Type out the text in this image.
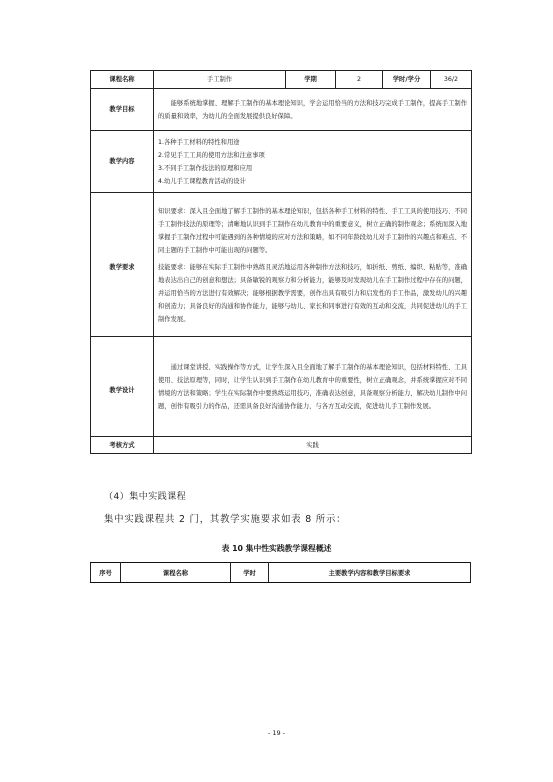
课程名称	手工制作	学期	2	学时/学分	36/2
教学目标	能够系统地掌握、理解手工制作的基本理论知识，学会运用恰当的方法和技巧完成手工制作，提高手工制作的质量和效率，为幼儿的全面发展提供良好保障。				
教学内容	1.各种手工材料的特性和用途
2.常见手工工具的使用方法和注意事项
3.不同手工制作技法的原理和应用
4.幼儿手工课程教育活动的设计				

教学要求	知识要求：深入且全面地了解手工制作的基本理论知识，包括各种手工材料的特性、手工工具的使用技巧、不同手工制作技法的原理等；清晰地认识到手工制作在幼儿教育中的重要意义，树立正确的制作观念；系统而深入地掌握手工制作过程中可能遇到的各种情境的应对方法和策略，如不同年龄段幼儿对手工制作的兴趣点和难点、不同主题的手工制作中可能出现的问题等。
技能要求：能够在实际手工制作中熟练且灵活地运用各种制作方法和技巧，如折纸、剪纸、编织、粘贴等，准确地表达出自己的创意和想法；具备敏锐的观察力和分析能力，能够及时发现幼儿在手工制作过程中存在的问题，并运用恰当的方法进行有效解决；能够根据教学需要，创作出具有吸引力和启发性的手工作品，激发幼儿的兴趣和创造力；具备良好的沟通和协作能力，能够与幼儿、家长和同事进行有效的互动和交流，共同促进幼儿的手工制作发展。				

教学设计	通过课堂讲授、实践操作等方式，让学生深入且全面地了解手工制作的基本理论知识，包括材料特性、工具使用、技法原理等，同时，让学生认识到手工制作在幼儿教育中的重要性，树立正确观念，并系统掌握应对不同情境的方法和策略；学生在实际制作中要熟练运用技巧，准确表达创意，具备观察分析能力，解决幼儿制作中问题，创作有吸引力的作品，还需具备良好沟通协作能力，与各方互动交流，促进幼儿手工制作发展。				
考核方式	实践				
（4）集中实践课程
集中实践课程共 2 门，其教学实施要求如表 8 所示：
表 10 集中性实践教学课程概述
序号	课程名称	学时	主要教学内容和教学目标要求
- 19 -
